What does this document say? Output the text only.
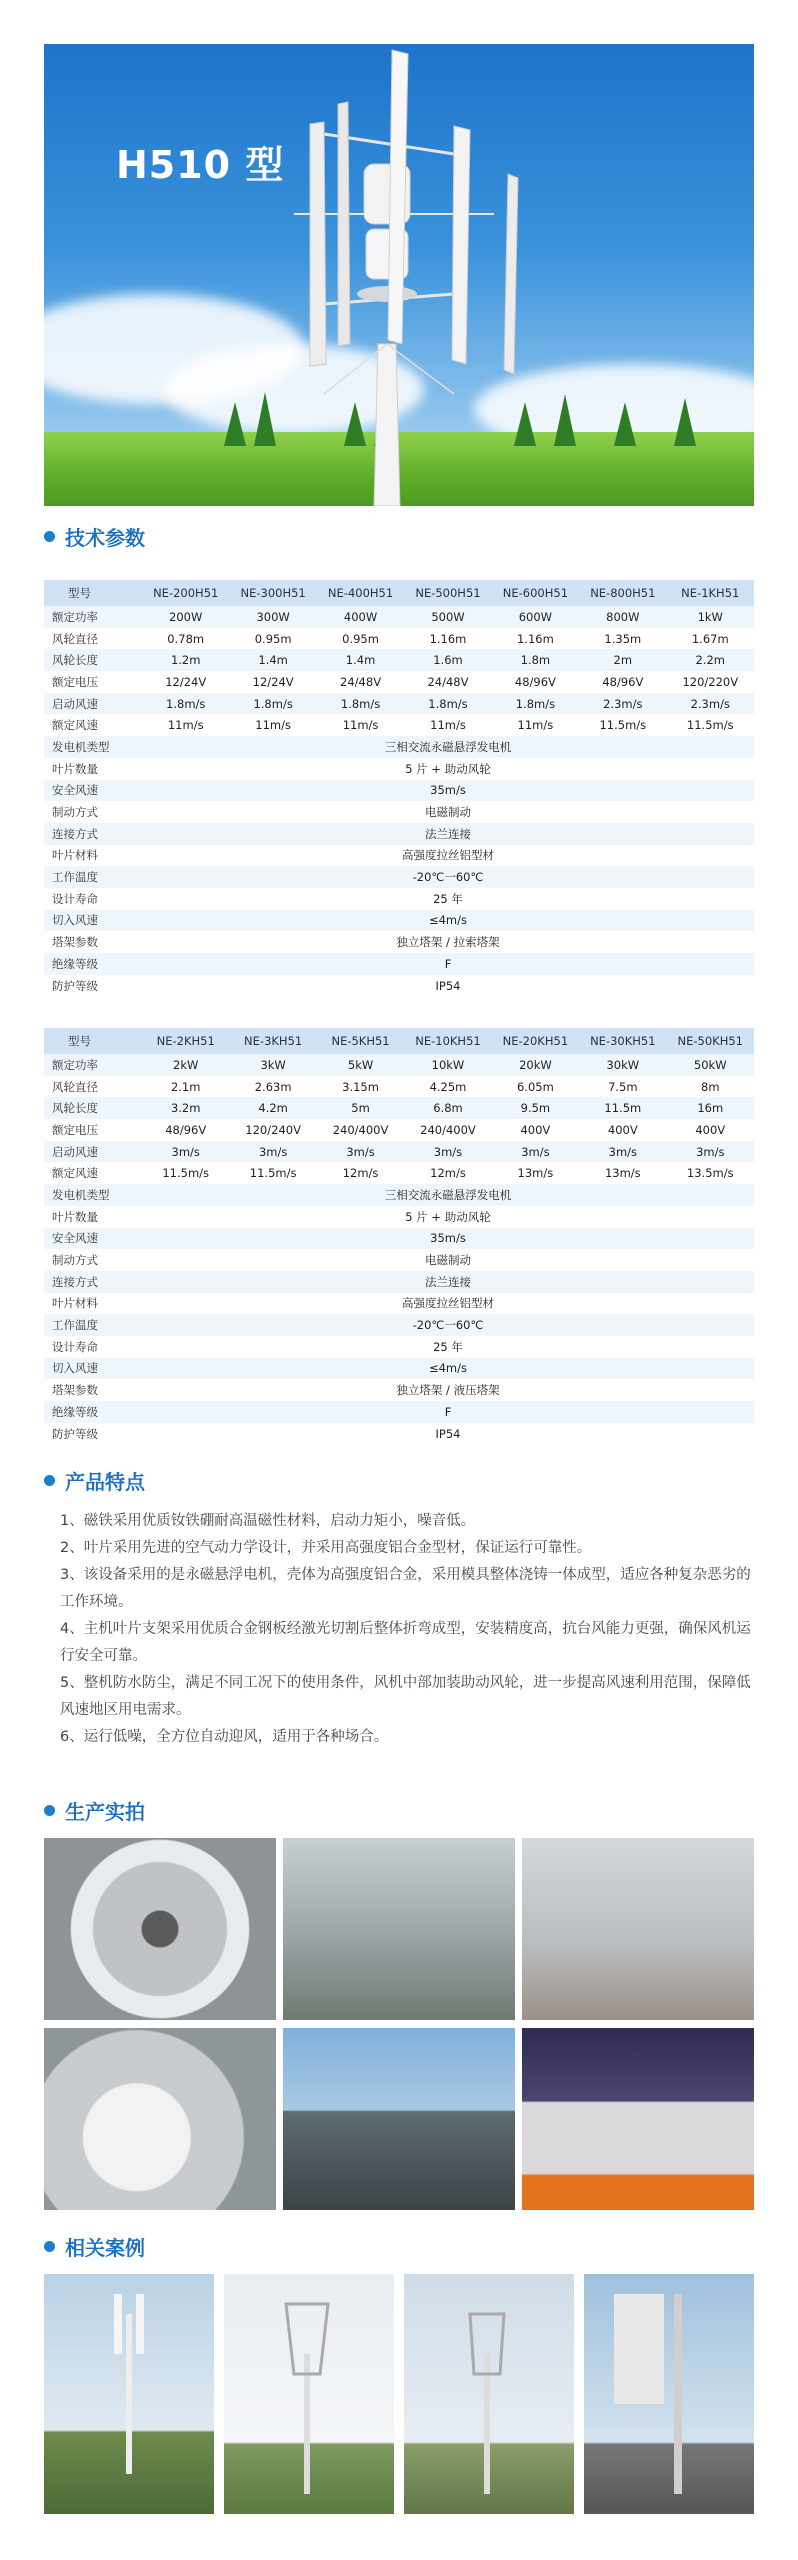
H510 型
技术参数
型号	NE-200H51	NE-300H51	NE-400H51	NE-500H51	NE-600H51	NE-800H51	NE-1KH51
额定功率	200W	300W	400W	500W	600W	800W	1kW
风轮直径	0.78m	0.95m	0.95m	1.16m	1.16m	1.35m	1.67m
风轮长度	1.2m	1.4m	1.4m	1.6m	1.8m	2m	2.2m
额定电压	12/24V	12/24V	24/48V	24/48V	48/96V	48/96V	120/220V
启动风速	1.8m/s	1.8m/s	1.8m/s	1.8m/s	1.8m/s	2.3m/s	2.3m/s
额定风速	11m/s	11m/s	11m/s	11m/s	11m/s	11.5m/s	11.5m/s
发电机类型	三相交流永磁悬浮发电机						
叶片数量	5 片 + 助动风轮						
安全风速	35m/s						
制动方式	电磁制动						
连接方式	法兰连接						
叶片材料	高强度拉丝铝型材						
工作温度	-20℃一60℃						
设计寿命	25 年						
切入风速	≤4m/s						
塔架参数	独立塔架 / 拉索塔架						
绝缘等级	F						
防护等级	IP54						
型号	NE-2KH51	NE-3KH51	NE-5KH51	NE-10KH51	NE-20KH51	NE-30KH51	NE-50KH51
额定功率	2kW	3kW	5kW	10kW	20kW	30kW	50kW
风轮直径	2.1m	2.63m	3.15m	4.25m	6.05m	7.5m	8m
风轮长度	3.2m	4.2m	5m	6.8m	9.5m	11.5m	16m
额定电压	48/96V	120/240V	240/400V	240/400V	400V	400V	400V
启动风速	3m/s	3m/s	3m/s	3m/s	3m/s	3m/s	3m/s
额定风速	11.5m/s	11.5m/s	12m/s	12m/s	13m/s	13m/s	13.5m/s
发电机类型	三相交流永磁悬浮发电机						
叶片数量	5 片 + 助动风轮						
安全风速	35m/s						
制动方式	电磁制动						
连接方式	法兰连接						
叶片材料	高强度拉丝铝型材						
工作温度	-20℃一60℃						
设计寿命	25 年						
切入风速	≤4m/s						
塔架参数	独立塔架 / 液压塔架						
绝缘等级	F						
防护等级	IP54						
产品特点

1、磁铁采用优质钕铁硼耐高温磁性材料，启动力矩小，噪音低。

2、叶片采用先进的空气动力学设计，并采用高强度铝合金型材，保证运行可靠性。

3、该设备采用的是永磁悬浮电机，壳体为高强度铝合金，采用模具整体浇铸一体成型，适应各种复杂恶劣的工作环境。

4、主机叶片支架采用优质合金钢板经激光切割后整体折弯成型，安装精度高，抗台风能力更强，确保风机运行安全可靠。

5、整机防水防尘，满足不同工况下的使用条件，风机中部加装助动风轮，进一步提高风速利用范围，保障低风速地区用电需求。

6、运行低噪，全方位自动迎风，适用于各种场合。

生产实拍
相关案例
